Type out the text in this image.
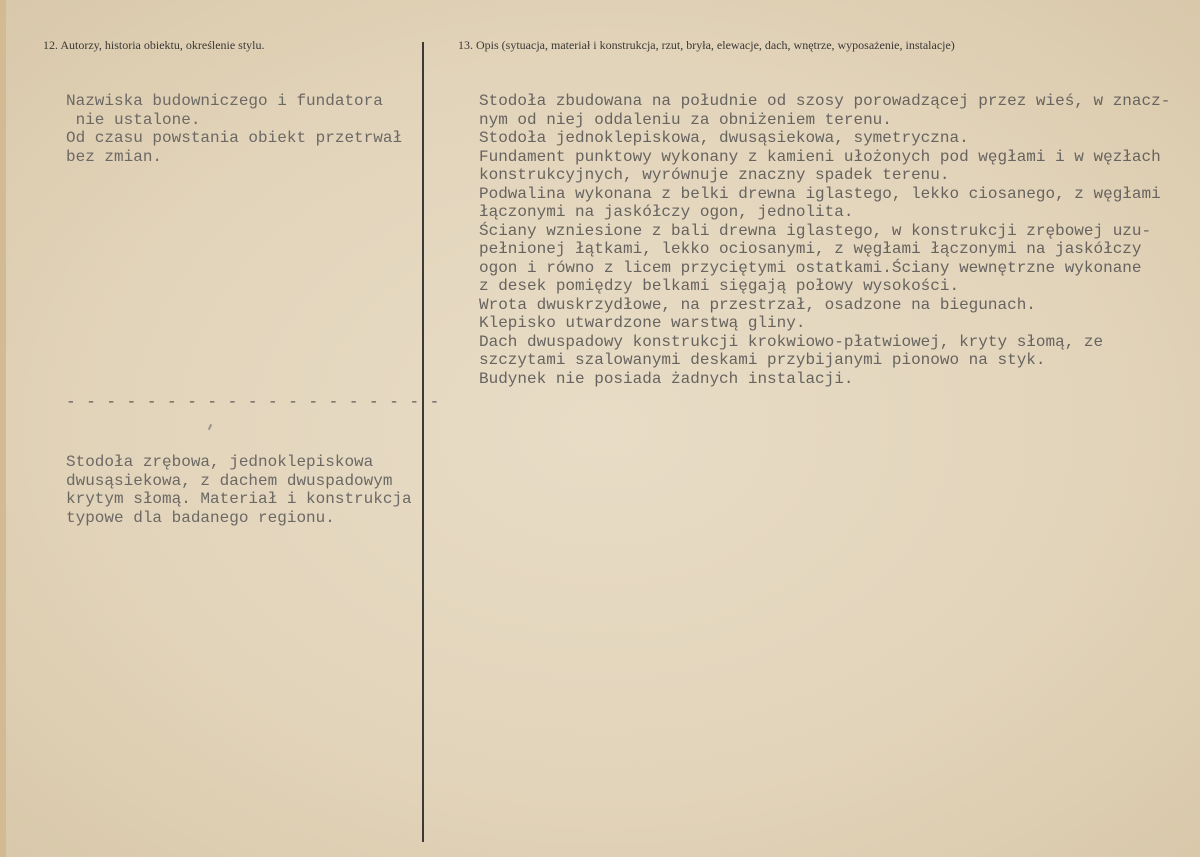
12. Autorzy, historia obiektu, określenie stylu.	13. Opis (sytuacja, materiał i konstrukcja, rzut, bryła, elewacje, dach, wnętrze, wyposażenie, instalacje)
Nazwiska budowniczego i fundatora
nie ustalone.
Od czasu powstania obiekt przetrwał
bez zmian.
- - - - - - - - - - - - - - - - - - -
Stodoła zrębowa, jednoklepiskowa
dwusąsiekowa, z dachem dwuspadowym
krytym słomą. Materiał i konstrukcja
typowe dla badanego regionu.
Stodoła zbudowana na południe od szosy porowadzącej przez wieś, w znacz-
nym od niej oddaleniu za obniżeniem terenu.
Stodoła jednoklepiskowa, dwusąsiekowa, symetryczna.
Fundament punktowy wykonany z kamieni ułożonych pod węgłami i w węzłach
konstrukcyjnych, wyrównuje znaczny spadek terenu.
Podwalina wykonana z belki drewna iglastego, lekko ciosanego, z węgłami
łączonymi na jaskółczy ogon, jednolita.
Ściany wzniesione z bali drewna iglastego, w konstrukcji zrębowej uzu-
pełnionej łątkami, lekko ociosanymi, z węgłami łączonymi na jaskółczy
ogon i równo z licem przyciętymi ostatkami.Ściany wewnętrzne wykonane
z desek pomiędzy belkami sięgają połowy wysokości.
Wrota dwuskrzydłowe, na przestrzał, osadzone na biegunach.
Klepisko utwardzone warstwą gliny.
Dach dwuspadowy konstrukcji krokwiowo-płatwiowej, kryty słomą, ze
szczytami szalowanymi deskami przybijanymi pionowo na styk.
Budynek nie posiada żadnych instalacji.
